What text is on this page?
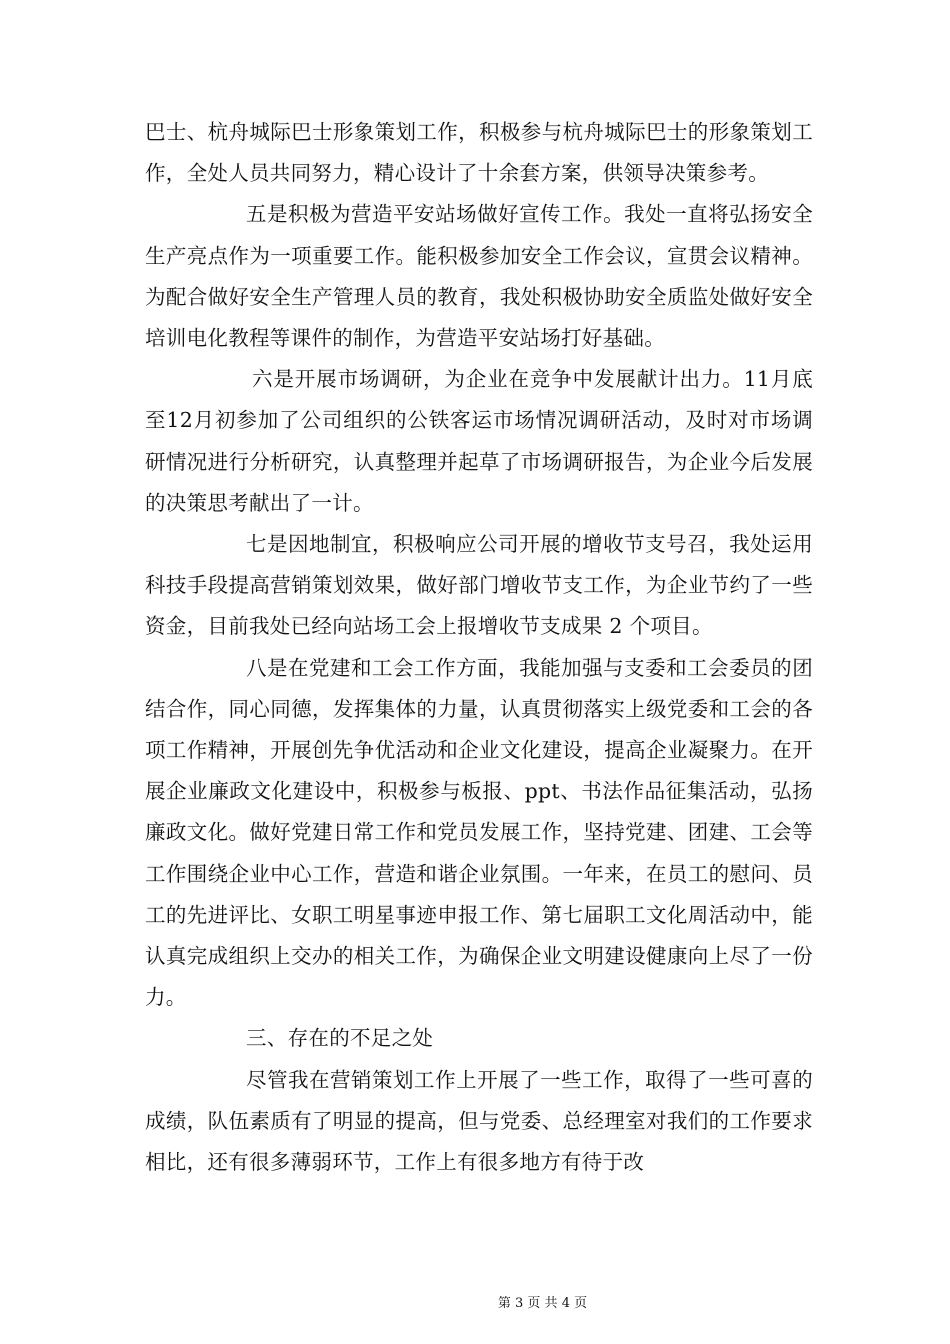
巴士、杭舟城际巴士形象策划工作，积极参与杭舟城际巴士的形象策划工作，全处人员共同努力，精心设计了十余套方案，供领导决策参考。

五是积极为营造平安站场做好宣传工作。我处一直将弘扬安全生产亮点作为一项重要工作。能积极参加安全工作会议，宣贯会议精神。为配合做好安全生产管理人员的教育，我处积极协助安全质监处做好安全培训电化教程等课件的制作，为营造平安站场打好基础。

六是开展市场调研，为企业在竞争中发展献计出力。11月底至12月初参加了公司组织的公铁客运市场情况调研活动，及时对市场调研情况进行分析研究，认真整理并起草了市场调研报告，为企业今后发展的决策思考献出了一计。

七是因地制宜，积极响应公司开展的增收节支号召，我处运用科技手段提高营销策划效果，做好部门增收节支工作，为企业节约了一些资金，目前我处已经向站场工会上报增收节支成果 2 个项目。

八是在党建和工会工作方面，我能加强与支委和工会委员的团结合作，同心同德，发挥集体的力量，认真贯彻落实上级党委和工会的各项工作精神，开展创先争优活动和企业文化建设，提高企业凝聚力。在开展企业廉政文化建设中，积极参与板报、ppt、书法作品征集活动，弘扬廉政文化。做好党建日常工作和党员发展工作，坚持党建、团建、工会等工作围绕企业中心工作，营造和谐企业氛围。一年来，在员工的慰问、员工的先进评比、女职工明星事迹申报工作、第七届职工文化周活动中，能认真完成组织上交办的相关工作，为确保企业文明建设健康向上尽了一份力。

三、存在的不足之处

尽管我在营销策划工作上开展了一些工作，取得了一些可喜的成绩，队伍素质有了明显的提高，但与党委、总经理室对我们的工作要求相比，还有很多薄弱环节，工作上有很多地方有待于改

第 3 页 共 4 页
